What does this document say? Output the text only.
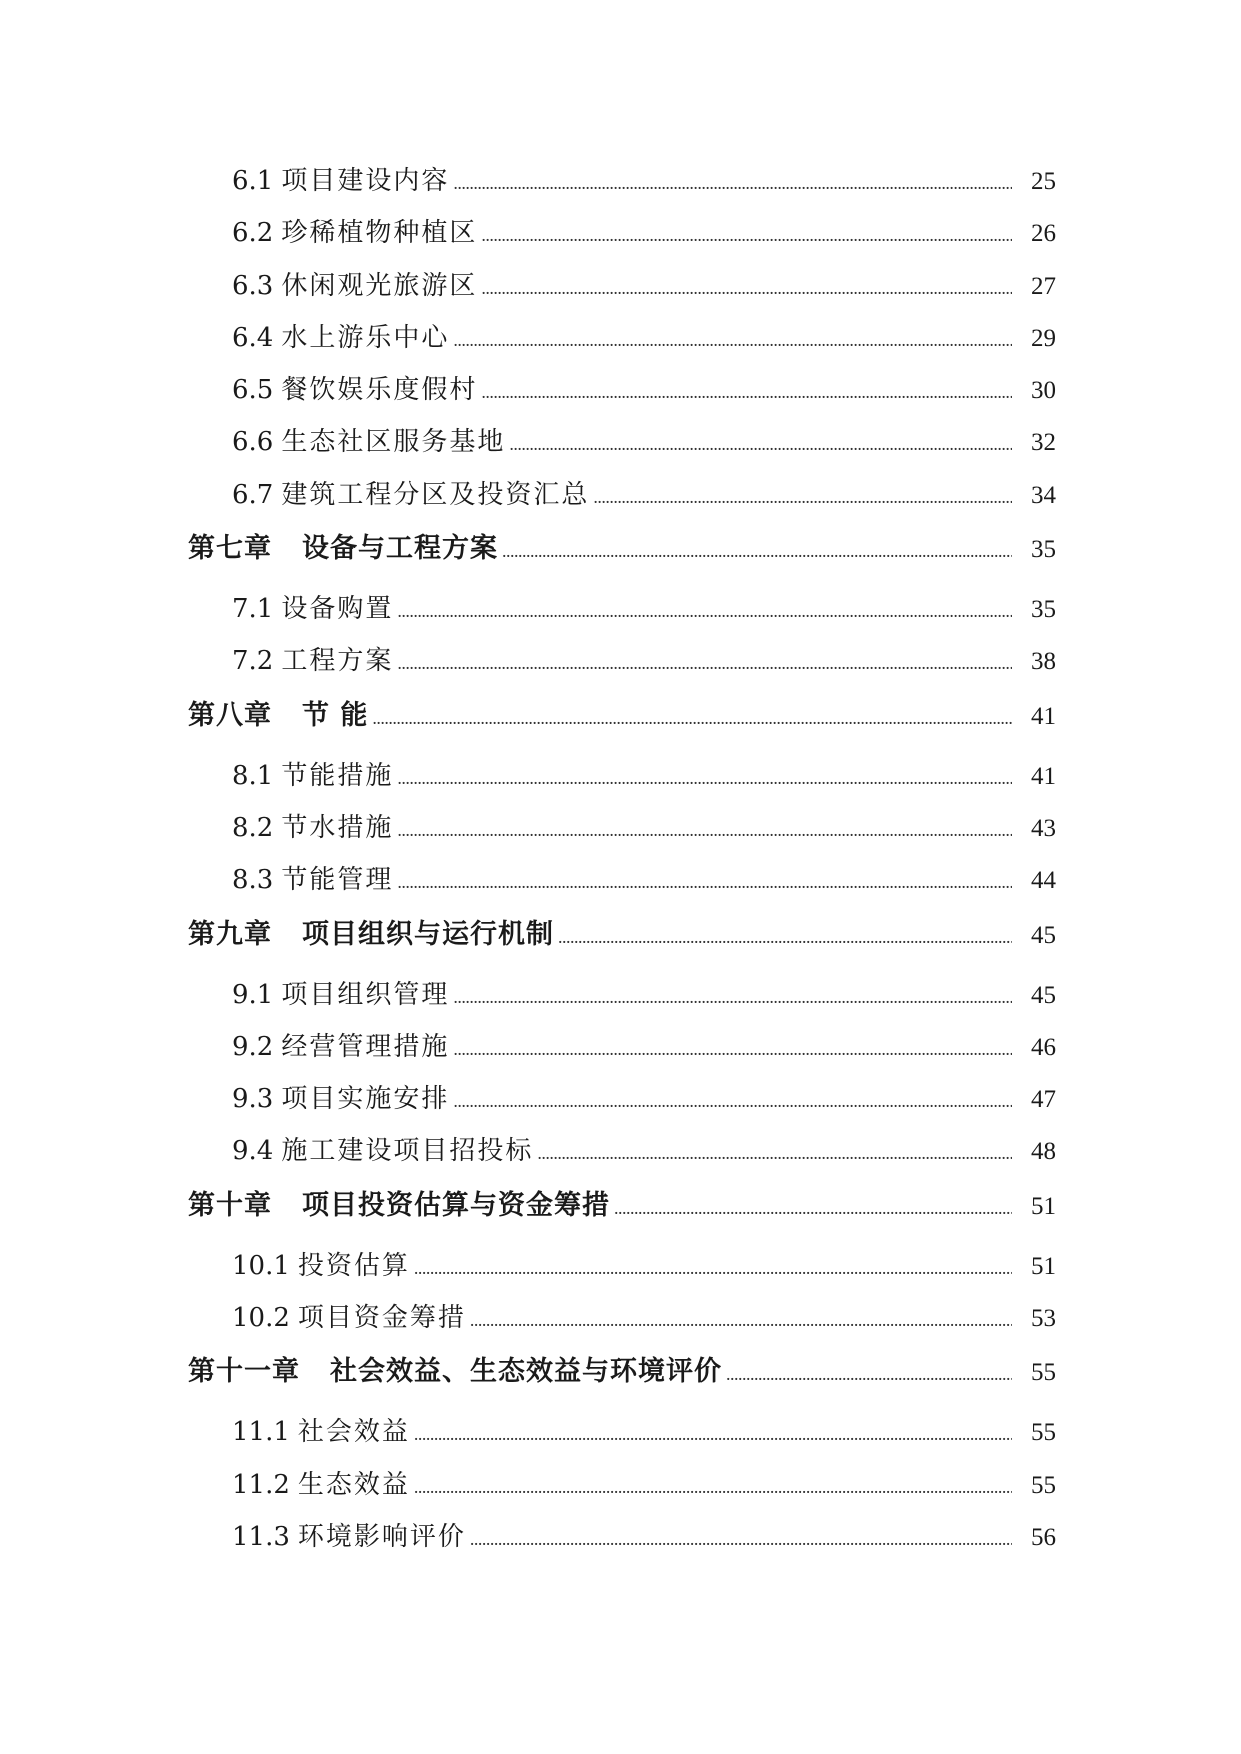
6.1 项目建设内容 . . .	25
6.2 珍稀植物种植区 . . .	26
6.3 休闲观光旅游区 . . .	27
6.4 水上游乐中心 . . .	29
6.5 餐饮娱乐度假村 . . .	30
6.6 生态社区服务基地 . . .	32
6.7 建筑工程分区及投资汇总 . . .	34
第七章 设备与工程方案 . . .	35
7.1 设备购置 . . .	35
7.2 工程方案 . . .	38
第八章 节 能 . . .	41
8.1 节能措施 . . .	41
8.2 节水措施 . . .	43
8.3 节能管理 . . .	44
第九章 项目组织与运行机制 . . .	45
9.1 项目组织管理 . . .	45
9.2 经营管理措施 . . .	46
9.3 项目实施安排 . . .	47
9.4 施工建设项目招投标 . . .	48
第十章 项目投资估算与资金筹措 . . .	51
10.1 投资估算 . . .	51
10.2 项目资金筹措 . . .	53
第十一章 社会效益、生态效益与环境评价 . . .	55
11.1 社会效益 . . .	55
11.2 生态效益 . . .	55
11.3 环境影响评价 . . .	56
